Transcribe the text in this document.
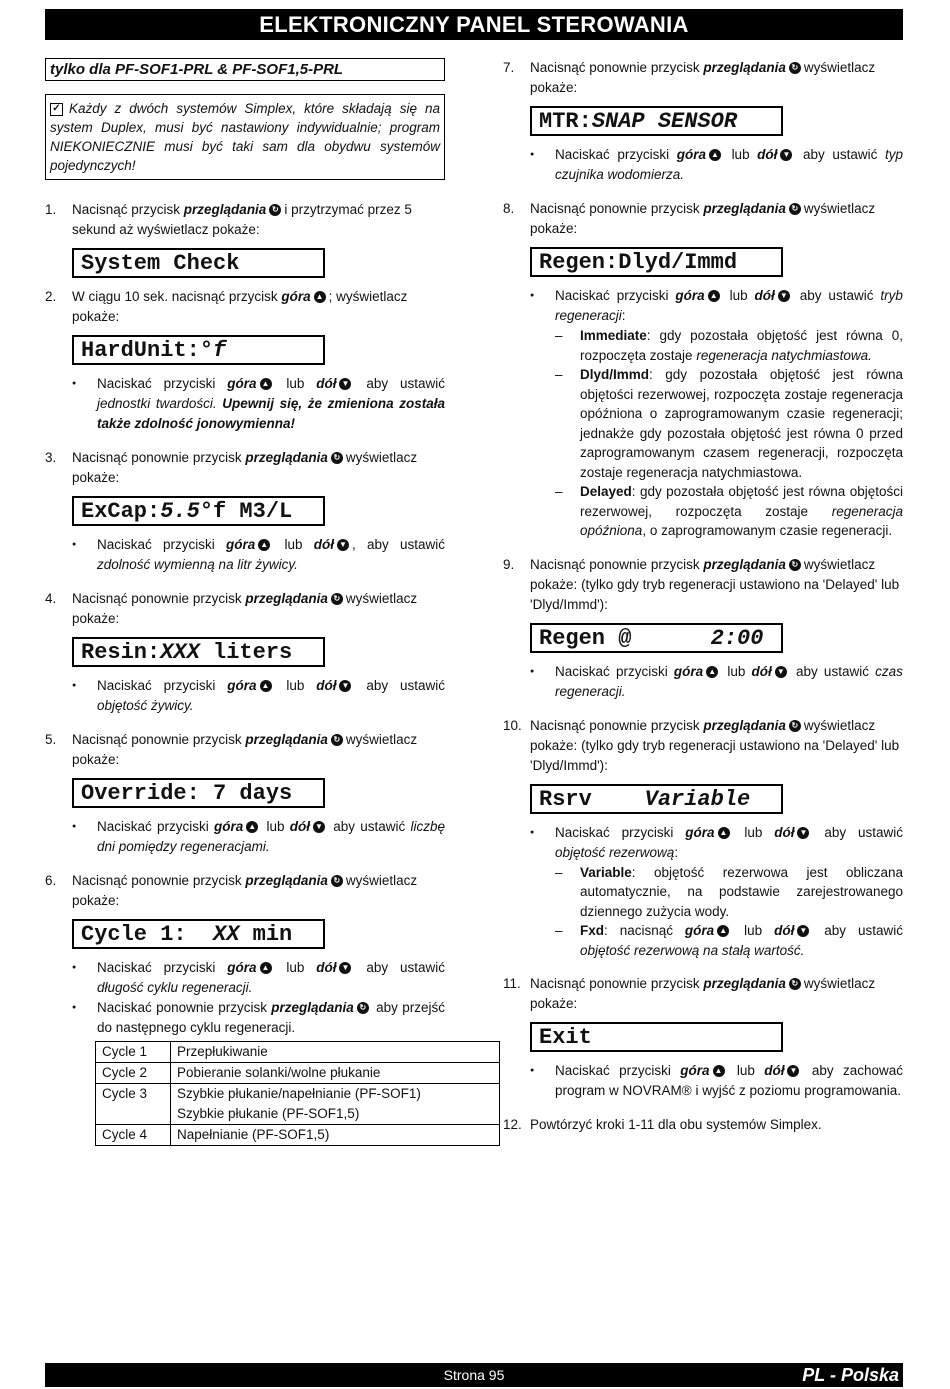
ELEKTRONICZNY PANEL STEROWANIA
tylko dla PF-SOF1-PRL & PF-SOF1,5-PRL
✓ Każdy z dwóch systemów Simplex, które składają się na system Duplex, musi być nastawiony indywidualnie; program NIEKONIECZNIE musi być taki sam dla obydwu systemów pojedynczych!
1.	Nacisnąć przycisk przeglądania ↻ i przytrzymać przez 5 sekund aż wyświetlacz pokaże:
System Check
2.	W ciągu 10 sek. nacisnąć przycisk góra ▲ ; wyświetlacz pokaże:
HardUnit:°f
●
Naciskać przyciski góra ▲ lub dół ▼ aby ustawić jednostki twardości. Upewnij się, że zmieniona została także zdolność jonowymienna!
3.	Nacisnąć ponownie przycisk przeglądania ↻ wyświetlacz pokaże:
ExCap:5.5°f M3/L
●
Naciskać przyciski góra ▲ lub dół ▼ , aby ustawić zdolność wymienną na litr żywicy.
4.	Nacisnąć ponownie przycisk przeglądania ↻ wyświetlacz pokaże:
Resin:XXX liters
●
Naciskać przyciski góra ▲ lub dół ▼ aby ustawić objętość żywicy.
5.	Nacisnąć ponownie przycisk przeglądania ↻ wyświetlacz pokaże:
Override: 7 days
●
Naciskać przyciski góra ▲ lub dół ▼ aby ustawić liczbę dni pomiędzy regeneracjami.
6.	Nacisnąć ponownie przycisk przeglądania ↻ wyświetlacz pokaże:
Cycle 1:  XX min
●
Naciskać przyciski góra ▲ lub dół ▼ aby ustawić długość cyklu regeneracji.
●
Naciskać ponownie przycisk przeglądania ↻ aby przejść do następnego cyklu regeneracji.
Cycle 1	Przepłukiwanie
Cycle 2	Pobieranie solanki/wolne płukanie
Cycle 3	Szybkie płukanie/napełnianie (PF-SOF1)
Szybkie płukanie (PF-SOF1,5)
Cycle 4	Napełnianie (PF-SOF1,5)
7.	Nacisnąć ponownie przycisk przeglądania ↻ wyświetlacz pokaże:
MTR:SNAP SENSOR
●
Naciskać przyciski góra ▲ lub dół ▼ aby ustawić typ czujnika wodomierza.
8.	Nacisnąć ponownie przycisk przeglądania ↻ wyświetlacz pokaże:
Regen:Dlyd/Immd
●
Naciskać przyciski góra ▲ lub dół ▼ aby ustawić tryb regeneracji:
–	Immediate: gdy pozostała objętość jest równa 0, rozpoczęta zostaje regeneracja natychmiastowa.
–	Dlyd/Immd: gdy pozostała objętość jest równa objętości rezerwowej, rozpoczęta zostaje regeneracja opóźniona o zaprogramowanym czasie regeneracji; jednakże gdy pozostała objętość jest równa 0 przed zaprogramowanym czasem regeneracji, rozpoczęta zostaje regeneracja natychmiastowa.
–	Delayed: gdy pozostała objętość jest równa objętości rezerwowej, rozpoczęta zostaje regeneracja opóźniona, o zaprogramowanym czasie regeneracji.
9.	Nacisnąć ponownie przycisk przeglądania ↻ wyświetlacz pokaże: (tylko gdy tryb regeneracji ustawiono na 'Delayed' lub 'Dlyd/Immd'):
Regen @      2:00
●
Naciskać przyciski góra ▲ lub dół ▼ aby ustawić czas regeneracji.
10. Nacisnąć ponownie przycisk przeglądania ↻ wyświetlacz pokaże: (tylko gdy tryb regeneracji ustawiono na 'Delayed' lub 'Dlyd/Immd'):
Rsrv    Variable
●
Naciskać przyciski góra ▲ lub dół ▼ aby ustawić objętość rezerwową:
–	Variable: objętość rezerwowa jest obliczana automatycznie, na podstawie zarejestrowanego dziennego zużycia wody.
–	Fxd: nacisnąć góra ▲ lub dół ▼ aby ustawić objętość rezerwową na stałą wartość.
11. Nacisnąć ponownie przycisk przeglądania ↻ wyświetlacz pokaże:
Exit
●
Naciskać przyciski góra ▲ lub dół ▼ aby zachować program w NOVRAM® i wyjść z poziomu programowania.
12. Powtórzyć kroki 1-11 dla obu systemów Simplex.
Strona 95	PL - Polska
